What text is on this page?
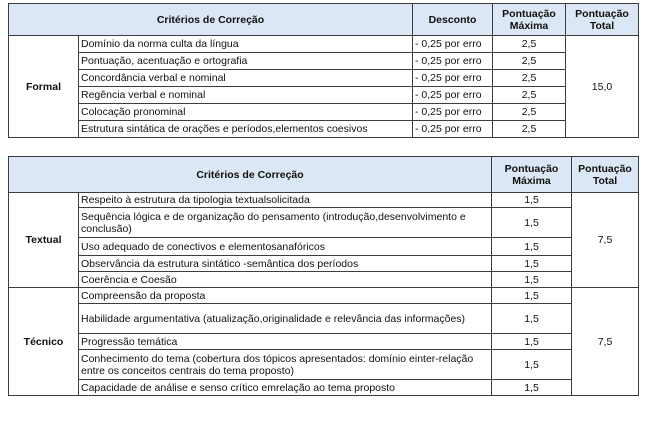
Critérios de Correção		Desconto	Pontuação Máxima	Pontuação Total
Formal	Domínio da norma culta da língua	- 0,25 por erro	2,5	15,0
	Pontuação, acentuação e ortografia	- 0,25 por erro	2,5	
	Concordância verbal e nominal	- 0,25 por erro	2,5	
	Regência verbal e nominal	- 0,25 por erro	2,5	
	Colocação pronominal	- 0,25 por erro	2,5	
	Estrutura sintática de orações e períodos,elementos coesivos	- 0,25 por erro	2,5	
Critérios de Correção		Pontuação Máxima	Pontuação Total
Textual	Respeito à estrutura da tipologia textualsolicitada	1,5	7,5
	Sequência lógica e de organização do pensamento (introdução,desenvolvimento e conclusão)	1,5	
	Uso adequado de conectivos e elementosanafóricos	1,5	
	Observância da estrutura sintático -semântica dos períodos	1,5	
	Coerência e Coesão	1,5	
Técnico	Compreensão da proposta	1,5	7,5
	Habilidade argumentativa (atualização,originalidade e relevância das informações)	1,5	
	Progressão temática	1,5	
	Conhecimento do tema (cobertura dos tópicos apresentados: domínio einter-relação entre os conceitos centrais do tema proposto)	1,5	
	Capacidade de análise e senso crítico emrelação ao tema proposto	1,5	
